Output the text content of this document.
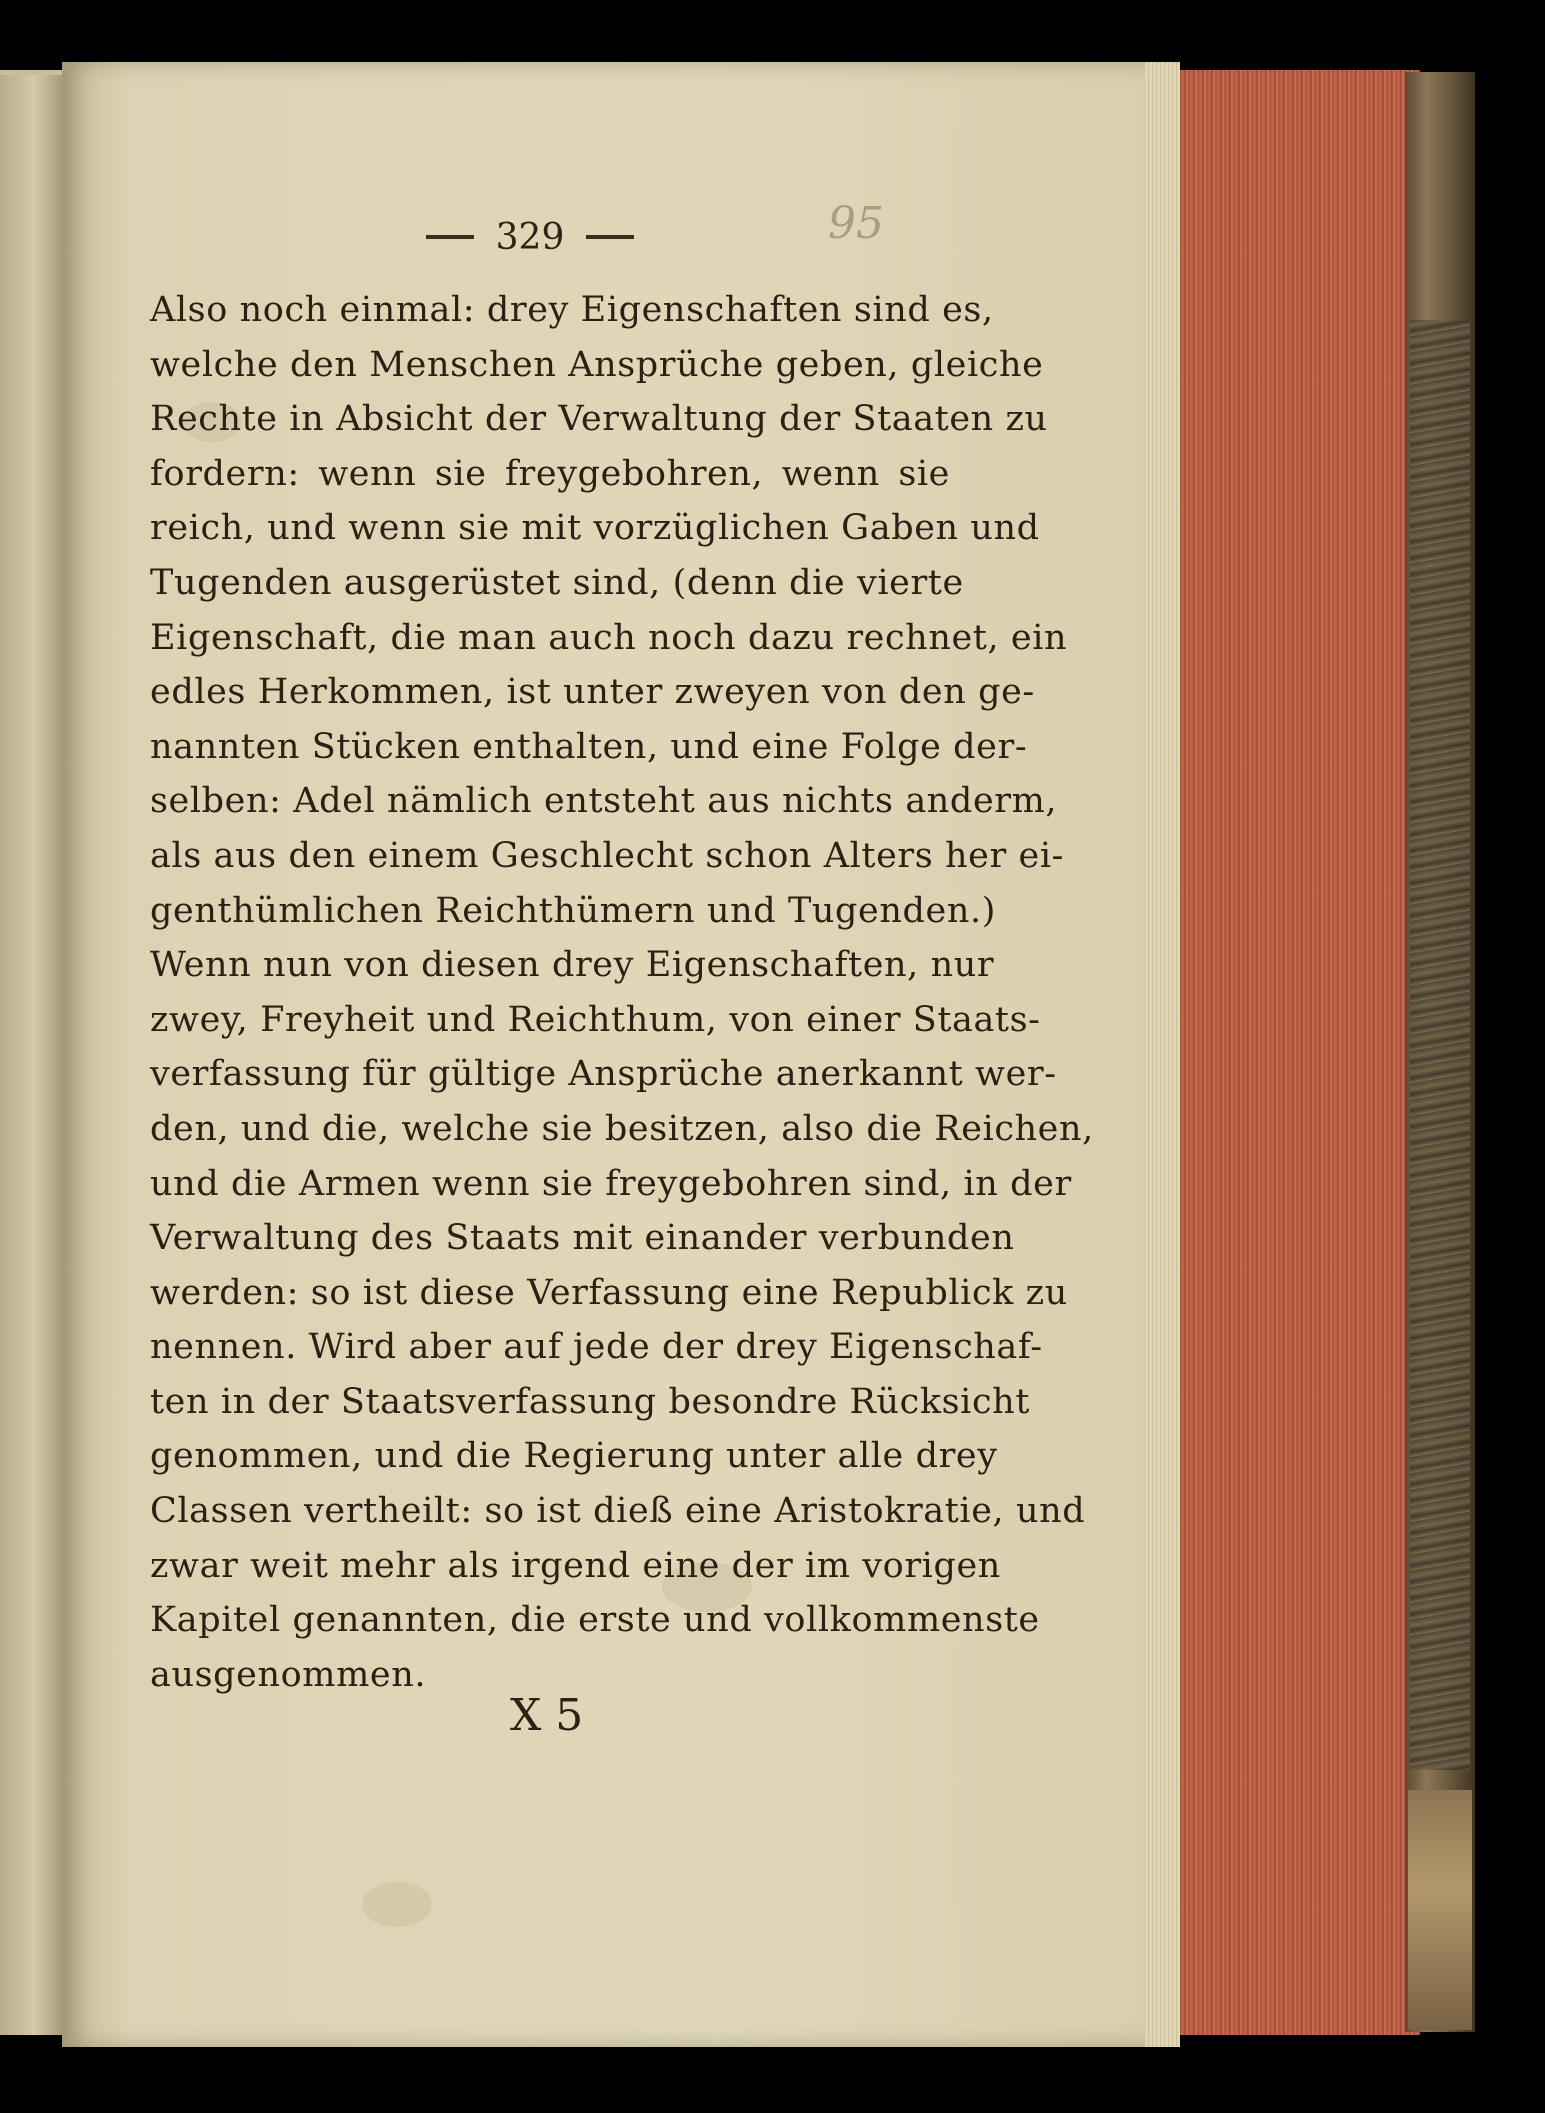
329	95
Also noch einmal: drey Eigenschaften sind es,
welche den Menschen Ansprüche geben, gleiche
Rechte in Absicht der Verwaltung der Staaten zu
fordern: wenn sie freygebohren, wenn sie
reich, und wenn sie mit vorzüglichen Gaben und
Tugenden ausgerüstet sind, (denn die vierte
Eigenschaft, die man auch noch dazu rechnet, ein
edles Herkommen, ist unter zweyen von den ge-
nannten Stücken enthalten, und eine Folge der-
selben: Adel nämlich entsteht aus nichts anderm,
als aus den einem Geschlecht schon Alters her ei-
genthümlichen Reichthümern und Tugenden.)
Wenn nun von diesen drey Eigenschaften, nur
zwey, Freyheit und Reichthum, von einer Staats-
verfassung für gültige Ansprüche anerkannt wer-
den, und die, welche sie besitzen, also die Reichen,
und die Armen wenn sie freygebohren sind, in der
Verwaltung des Staats mit einander verbunden
werden: so ist diese Verfassung eine Republick zu
nennen. Wird aber auf jede der drey Eigenschaf-
ten in der Staatsverfassung besondre Rücksicht
genommen, und die Regierung unter alle drey
Classen vertheilt: so ist dieß eine Aristokratie, und
zwar weit mehr als irgend eine der im vorigen
Kapitel genannten, die erste und vollkommenste
ausgenommen.
X 5
